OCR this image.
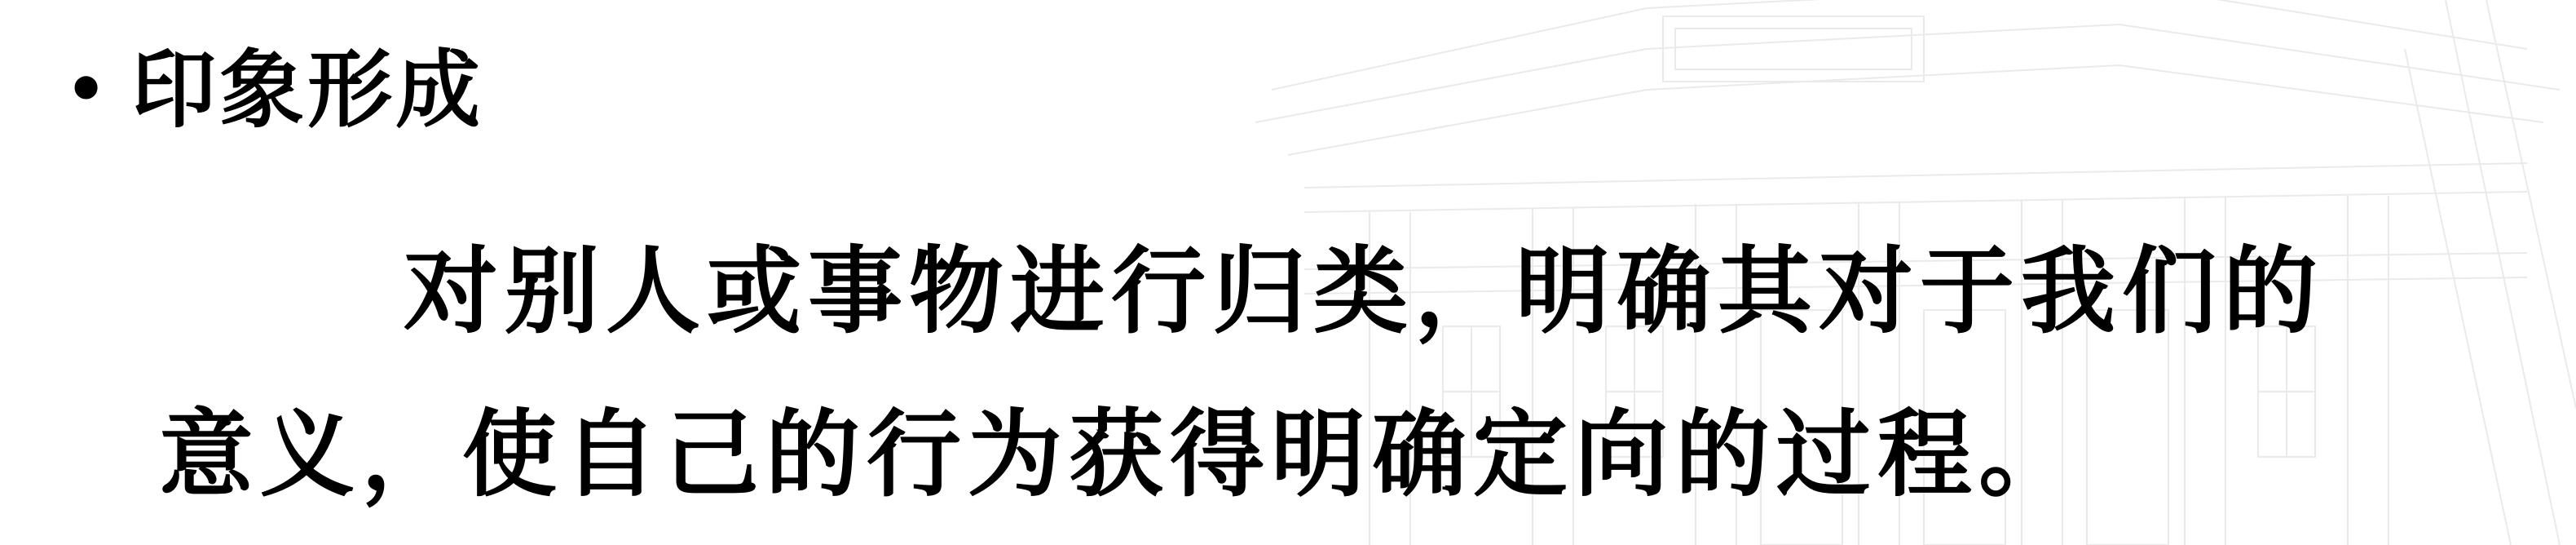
• 印象形成
对别人或事物进行归类，明确其对于我们的
意义，使自己的行为获得明确定向的过程。
